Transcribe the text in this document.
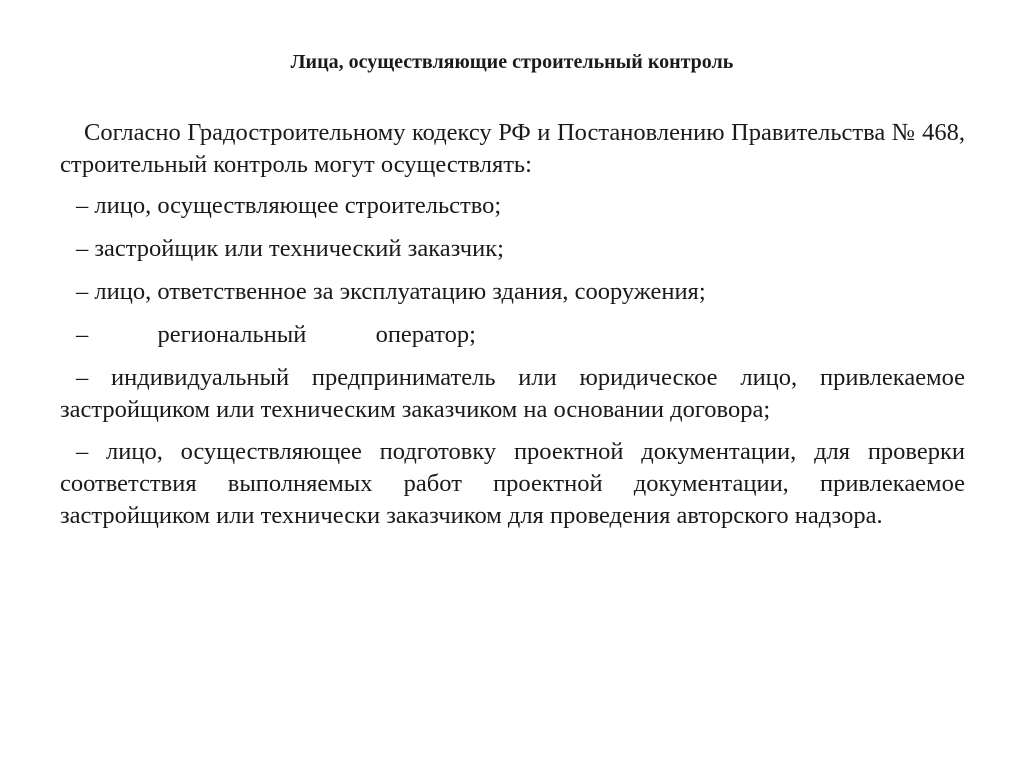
Лица, осуществляющие строительный контроль

Согласно Градостроительному кодексу РФ и Постановлению Правительства № 468, строительный контроль могут осуществлять:

– лицо, осуществляющее строительство;

– застройщик или технический заказчик;

– лицо, ответственное за эксплуатацию здания, сооружения;

– региональный оператор;

– индивидуальный предприниматель или юридическое лицо, привлекаемое застройщиком или техническим заказчиком на основании договора;

– лицо, осуществляющее подготовку проектной документации, для проверки соответствия выполняемых работ проектной документации, привлекаемое застройщиком или технически заказчиком для проведения авторского надзора.
